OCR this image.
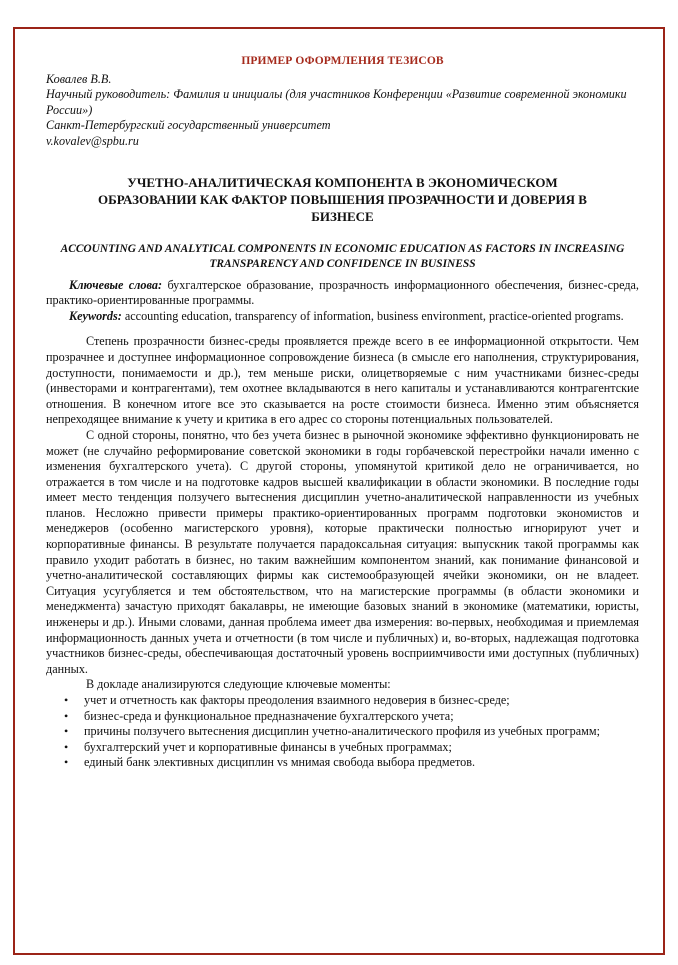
ПРИМЕР ОФОРМЛЕНИЯ ТЕЗИСОВ

Ковалев В.В.

Научный руководитель: Фамилия и инициалы (для участников Конференции «Развитие современной экономики России»)

Санкт-Петербургский государственный университет

v.kovalev@spbu.ru

УЧЕТНО-АНАЛИТИЧЕСКАЯ КОМПОНЕНТА В ЭКОНОМИЧЕСКОМ ОБРАЗОВАНИИ КАК ФАКТОР ПОВЫШЕНИЯ ПРОЗРАЧНОСТИ И ДОВЕРИЯ В БИЗНЕСЕ

ACCOUNTING AND ANALYTICAL COMPONENTS IN ECONOMIC EDUCATION AS FACTORS IN INCREASING TRANSPARENCY AND CONFIDENCE IN BUSINESS

Ключевые слова: бухгалтерское образование, прозрачность информационного обеспечения, бизнес-среда, практико-ориентированные программы.

Keywords: accounting education, transparency of information, business environment, practice-oriented programs.

Степень прозрачности бизнес-среды проявляется прежде всего в ее информационной открытости. Чем прозрачнее и доступнее информационное сопровождение бизнеса (в смысле его наполнения, структурирования, доступности, понимаемости и др.), тем меньше риски, олицетворяемые с ним участниками бизнес-среды (инвесторами и контрагентами), тем охотнее вкладываются в него капиталы и устанавливаются контрагентские отношения. В конечном итоге все это сказывается на росте стоимости бизнеса. Именно этим объясняется непреходящее внимание к учету и критика в его адрес со стороны потенциальных пользователей.

С одной стороны, понятно, что без учета бизнес в рыночной экономике эффективно функционировать не может (не случайно реформирование советской экономики в годы горбачевской перестройки начали именно с изменения бухгалтерского учета). С другой стороны, упомянутой критикой дело не ограничивается, но отражается в том числе и на подготовке кадров высшей квалификации в области экономики. В последние годы имеет место тенденция ползучего вытеснения дисциплин учетно-аналитической направленности из учебных планов. Несложно привести примеры практико-ориентированных программ подготовки экономистов и менеджеров (особенно магистерского уровня), которые практически полностью игнорируют учет и корпоративные финансы. В результате получается парадоксальная ситуация: выпускник такой программы как правило уходит работать в бизнес, но таким важнейшим компонентом знаний, как понимание финансовой и учетно-аналитической составляющих фирмы как системообразующей ячейки экономики, он не владеет. Ситуация усугубляется и тем обстоятельством, что на магистерские программы (в области экономики и менеджмента) зачастую приходят бакалавры, не имеющие базовых знаний в экономике (математики, юристы, инженеры и др.). Иными словами, данная проблема имеет два измерения: во-первых, необходимая и приемлемая информационность данных учета и отчетности (в том числе и публичных) и, во-вторых, надлежащая подготовка участников бизнес-среды, обеспечивающая достаточный уровень восприимчивости ими доступных (публичных) данных.

В докладе анализируются следующие ключевые моменты:

• учет и отчетность как факторы преодоления взаимного недоверия в бизнес-среде;
• бизнес-среда и функциональное предназначение бухгалтерского учета;
• причины ползучего вытеснения дисциплин учетно-аналитического профиля из учебных программ;
• бухгалтерский учет и корпоративные финансы в учебных программах;
• единый банк элективных дисциплин vs мнимая свобода выбора предметов.
